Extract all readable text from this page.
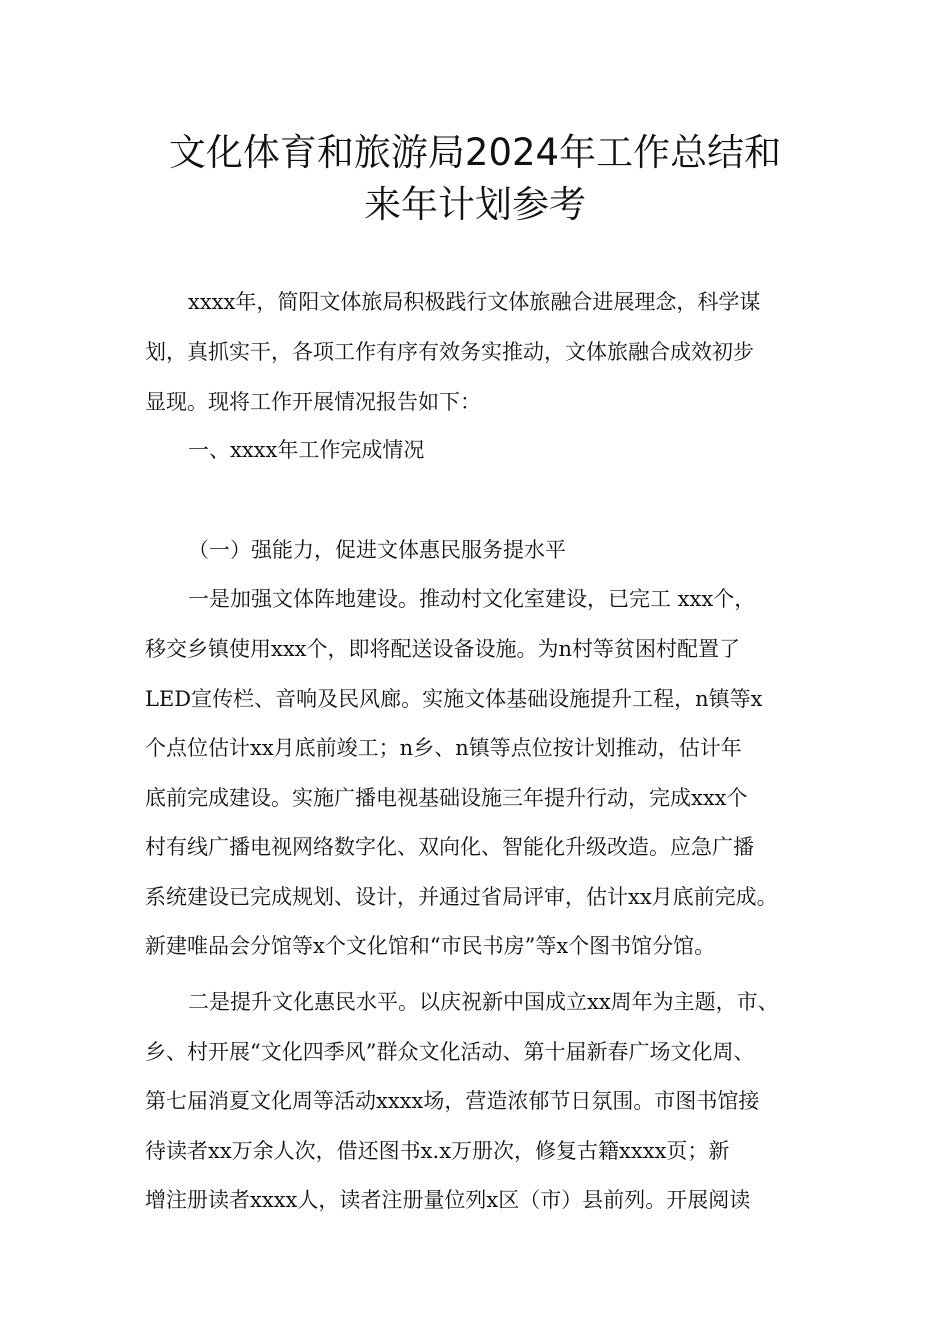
文化体育和旅游局2024年工作总结和
来年计划参考
xxxx年，简阳文体旅局积极践行文体旅融合进展理念，科学谋
划，真抓实干，各项工作有序有效务实推动，文体旅融合成效初步
显现。现将工作开展情况报告如下：
一、xxxx年工作完成情况
（一）强能力，促进文体惠民服务提水平
一是加强文体阵地建设。推动村文化室建设，已完工 xxx个，
移交乡镇使用xxx个，即将配送设备设施。为n村等贫困村配置了
LED宣传栏、音响及民风廊。实施文体基础设施提升工程，n镇等x
个点位估计xx月底前竣工；n乡、n镇等点位按计划推动，估计年
底前完成建设。实施广播电视基础设施三年提升行动，完成xxx个
村有线广播电视网络数字化、双向化、智能化升级改造。应急广播
系统建设已完成规划、设计，并通过省局评审，估计xx月底前完成。
新建唯品会分馆等x个文化馆和“市民书房”等x个图书馆分馆。
二是提升文化惠民水平。以庆祝新中国成立xx周年为主题，市、
乡、村开展“文化四季风”群众文化活动、第十届新春广场文化周、
第七届消夏文化周等活动xxxx场，营造浓郁节日氛围。市图书馆接
待读者xx万余人次，借还图书x.x万册次，修复古籍xxxx页；新
增注册读者xxxx人，读者注册量位列x区（市）县前列。开展阅读
